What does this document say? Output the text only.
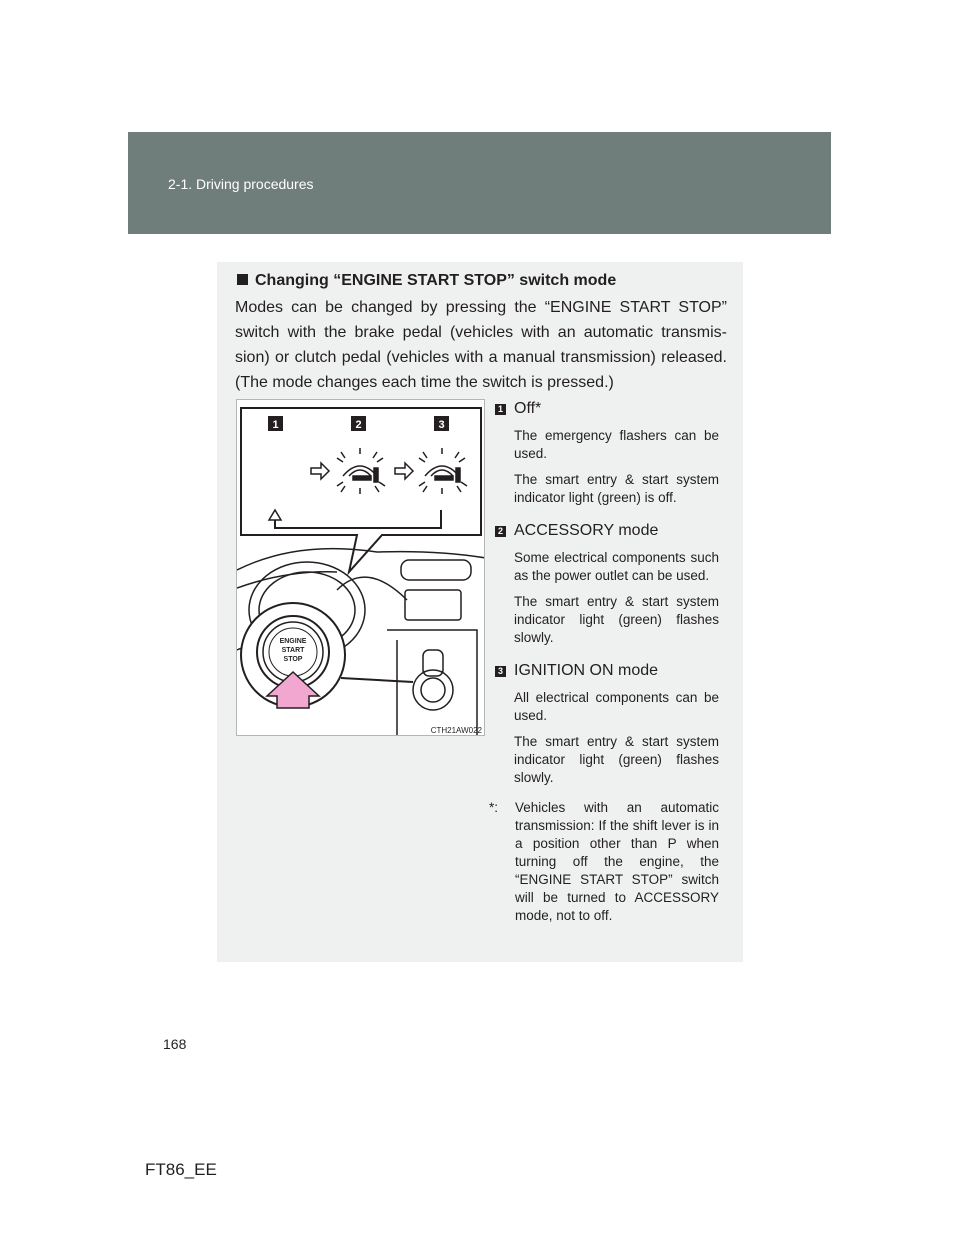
2-1. Driving procedures
Changing “ENGINE START STOP” switch mode
Modes can be changed by pressing the “ENGINE START STOP” switch with the brake pedal (vehicles with an automatic transmis-sion) or clutch pedal (vehicles with a manual transmission) released. (The mode changes each time the switch is pressed.)
1	2	3
ENGINE
START
STOP
CTH21AW022
1 Off*
The emergency flashers can be used.
The smart entry & start system indicator light (green) is off.
2 ACCESSORY mode
Some electrical components such as the power outlet can be used.
The smart entry & start system indicator light (green) flashes slowly.
3 IGNITION ON mode
All electrical components can be used.
The smart entry & start system indicator light (green) flashes slowly.
*:	Vehicles with an automatic transmission: If the shift lever is in a position other than P when turning off the engine, the “ENGINE START STOP” switch will be turned to ACCESSORY mode, not to off.
168
FT86_EE
